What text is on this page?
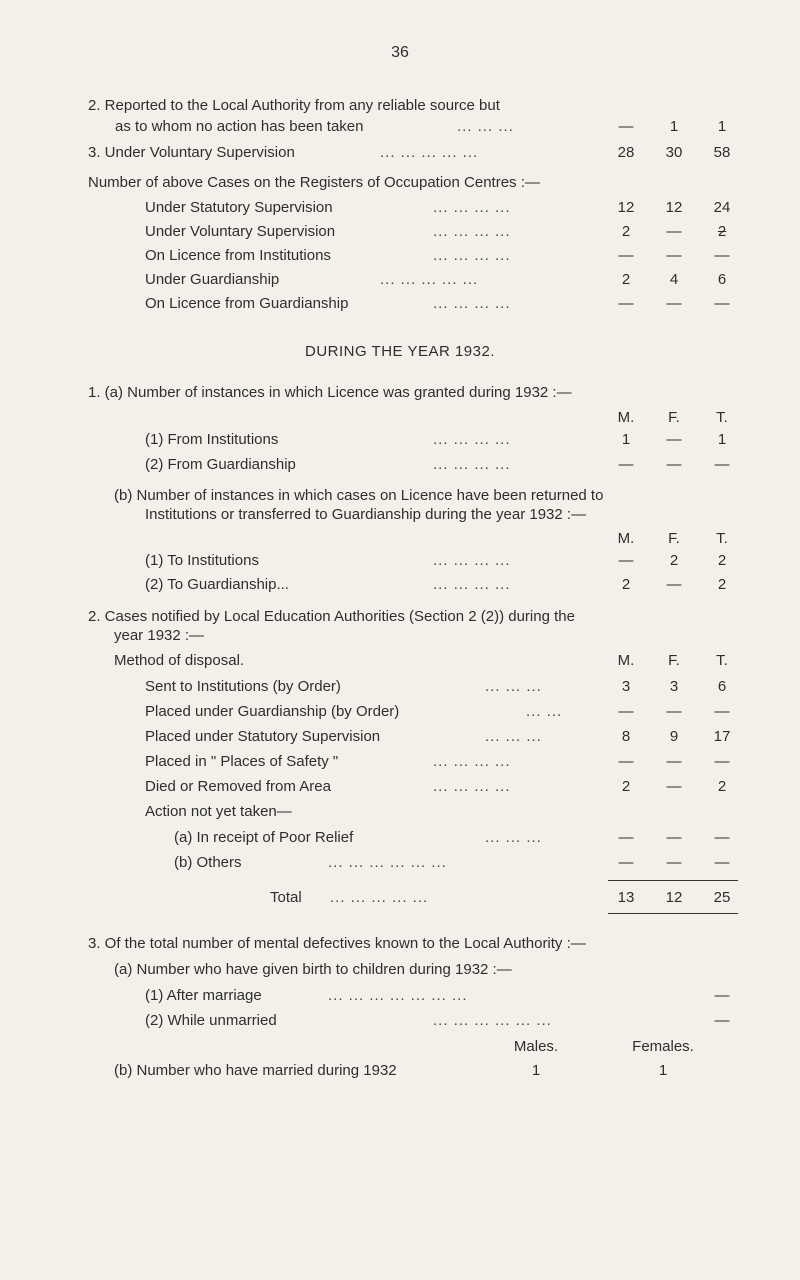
36
2. Reported to the Local Authority from any reliable source but
as to whom no action has been taken	... ... ...	—	1	1
3. Under Voluntary Supervision	... ... ... ... ...	28	30	58
Number of above Cases on the Registers of Occupation Centres :—
Under Statutory Supervision	... ... ... ...	12	12	24
Under Voluntary Supervision	... ... ... ...	2	—	2
On Licence from Institutions	... ... ... ...	—	—	—
Under Guardianship	... ... ... ... ...	2	4	6
On Licence from Guardianship	... ... ... ...	—	—	—
DURING THE YEAR 1932.
1. (a) Number of instances in which Licence was granted during 1932 :—
M.	F.	T.
(1) From Institutions	... ... ... ...	1	—	1
(2) From Guardianship	... ... ... ...	—	—	—
(b) Number of instances in which cases on Licence have been returned to
Institutions or transferred to Guardianship during the year 1932 :—
M.	F.	T.
(1) To Institutions	... ... ... ...	—	2	2
(2) To Guardianship...	... ... ... ...	2	—	2
2. Cases notified by Local Education Authorities (Section 2 (2)) during the
year 1932 :—
Method of disposal.	M.	F.	T.
Sent to Institutions (by Order)	... ... ...	3	3	6
Placed under Guardianship (by Order)	... ...	—	—	—
Placed under Statutory Supervision	... ... ...	8	9	17
Placed in " Places of Safety "	... ... ... ...	—	—	—
Died or Removed from Area	... ... ... ...	2	—	2
Action not yet taken—
(a) In receipt of Poor Relief	... ... ...	—	—	—
(b) Others	... ... ... ... ... ...	—	—	—
Total ... ... ... ... ...	13	12	25
3. Of the total number of mental defectives known to the Local Authority :—
(a) Number who have given birth to children during 1932 :—
(1) After marriage	... ... ... ... ... ... ...	—
(2) While unmarried	... ... ... ... ... ...	—
Males.	Females.
(b) Number who have married during 1932	1	1
